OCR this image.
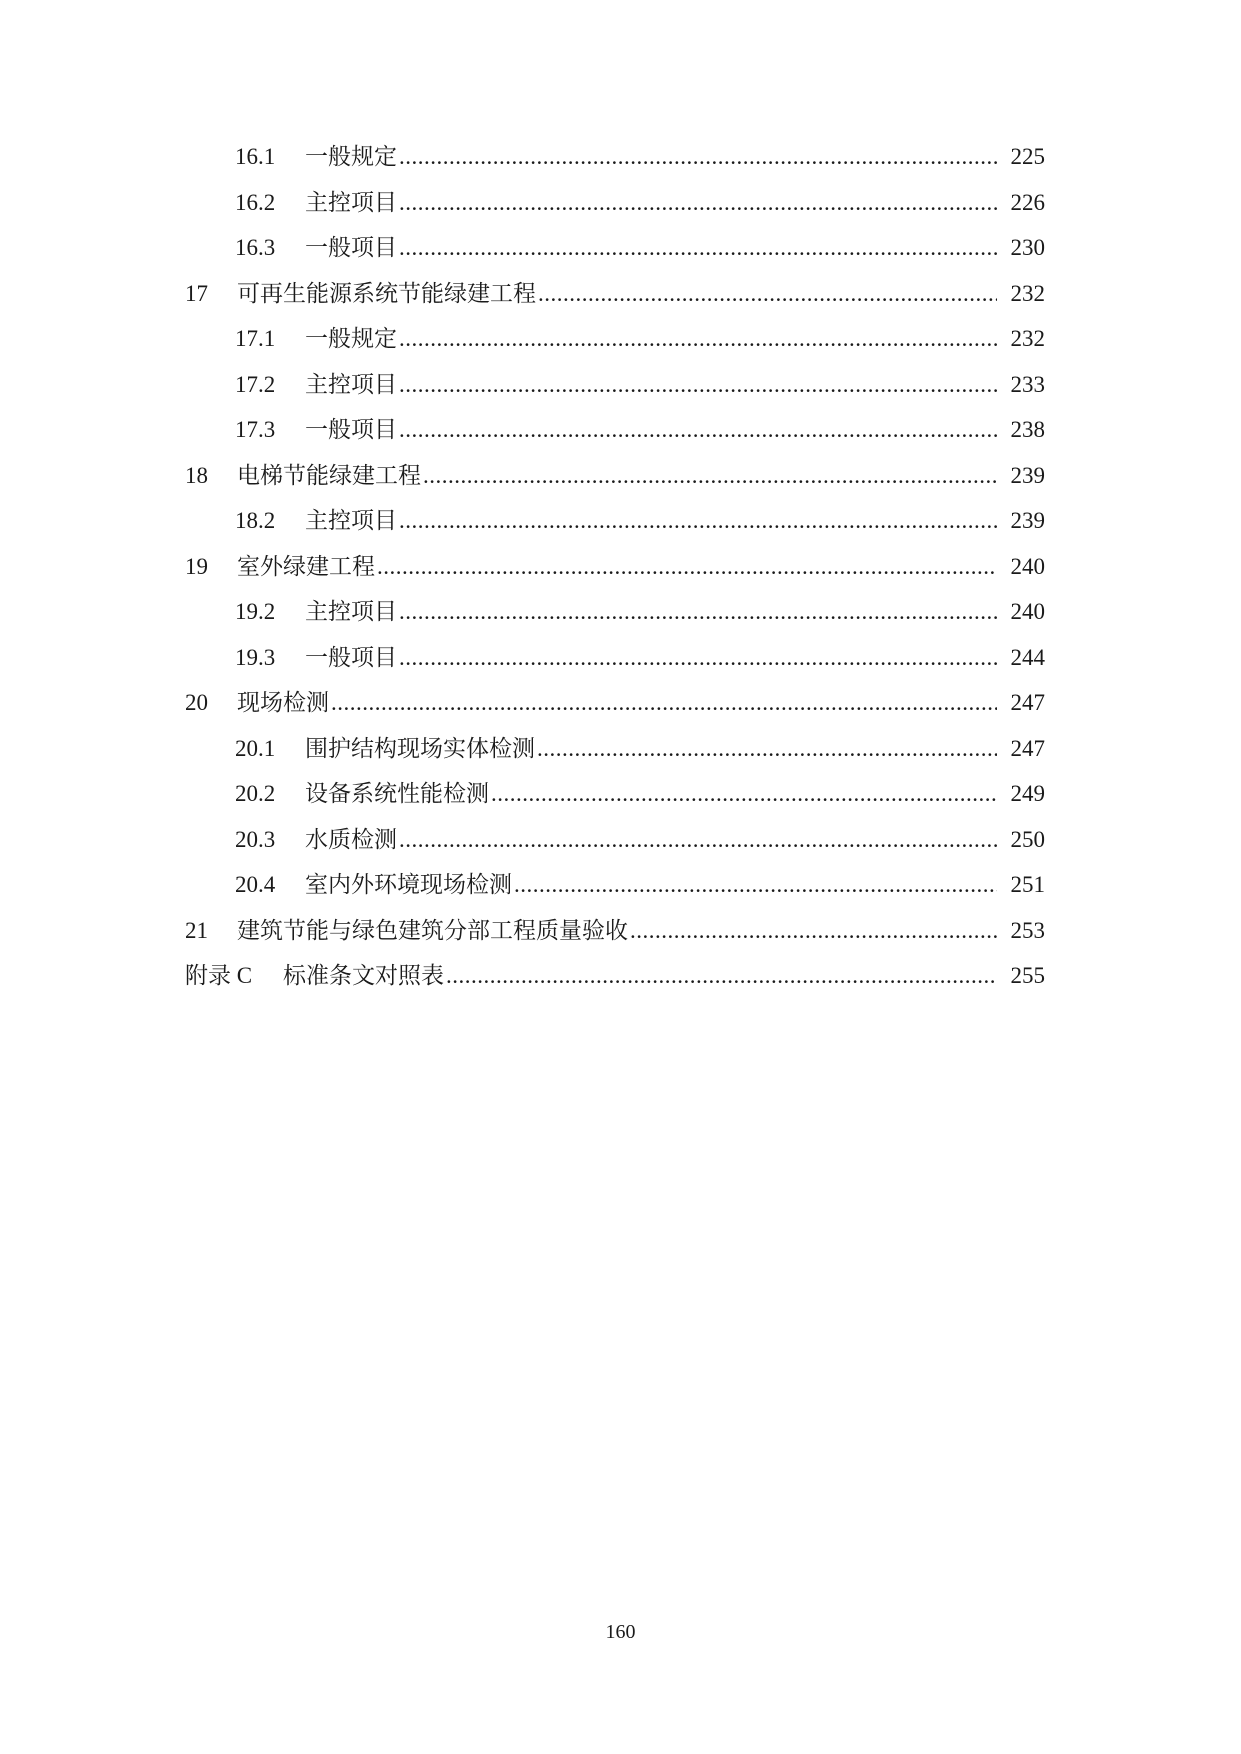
16.1 一般规定 .....	225
16.2 主控项目 .....	226
16.3 一般项目 .....	230
17 可再生能源系统节能绿建工程 .....	232
17.1 一般规定 .....	232
17.2 主控项目 .....	233
17.3 一般项目 .....	238
18 电梯节能绿建工程 .....	239
18.2 主控项目 .....	239
19 室外绿建工程 .....	240
19.2 主控项目 .....	240
19.3 一般项目 .....	244
20 现场检测 .....	247
20.1 围护结构现场实体检测 .....	247
20.2 设备系统性能检测 .....	249
20.3 水质检测 .....	250
20.4 室内外环境现场检测 .....	251
21 建筑节能与绿色建筑分部工程质量验收 .....	253
附录 C 标准条文对照表 .....	255
160
